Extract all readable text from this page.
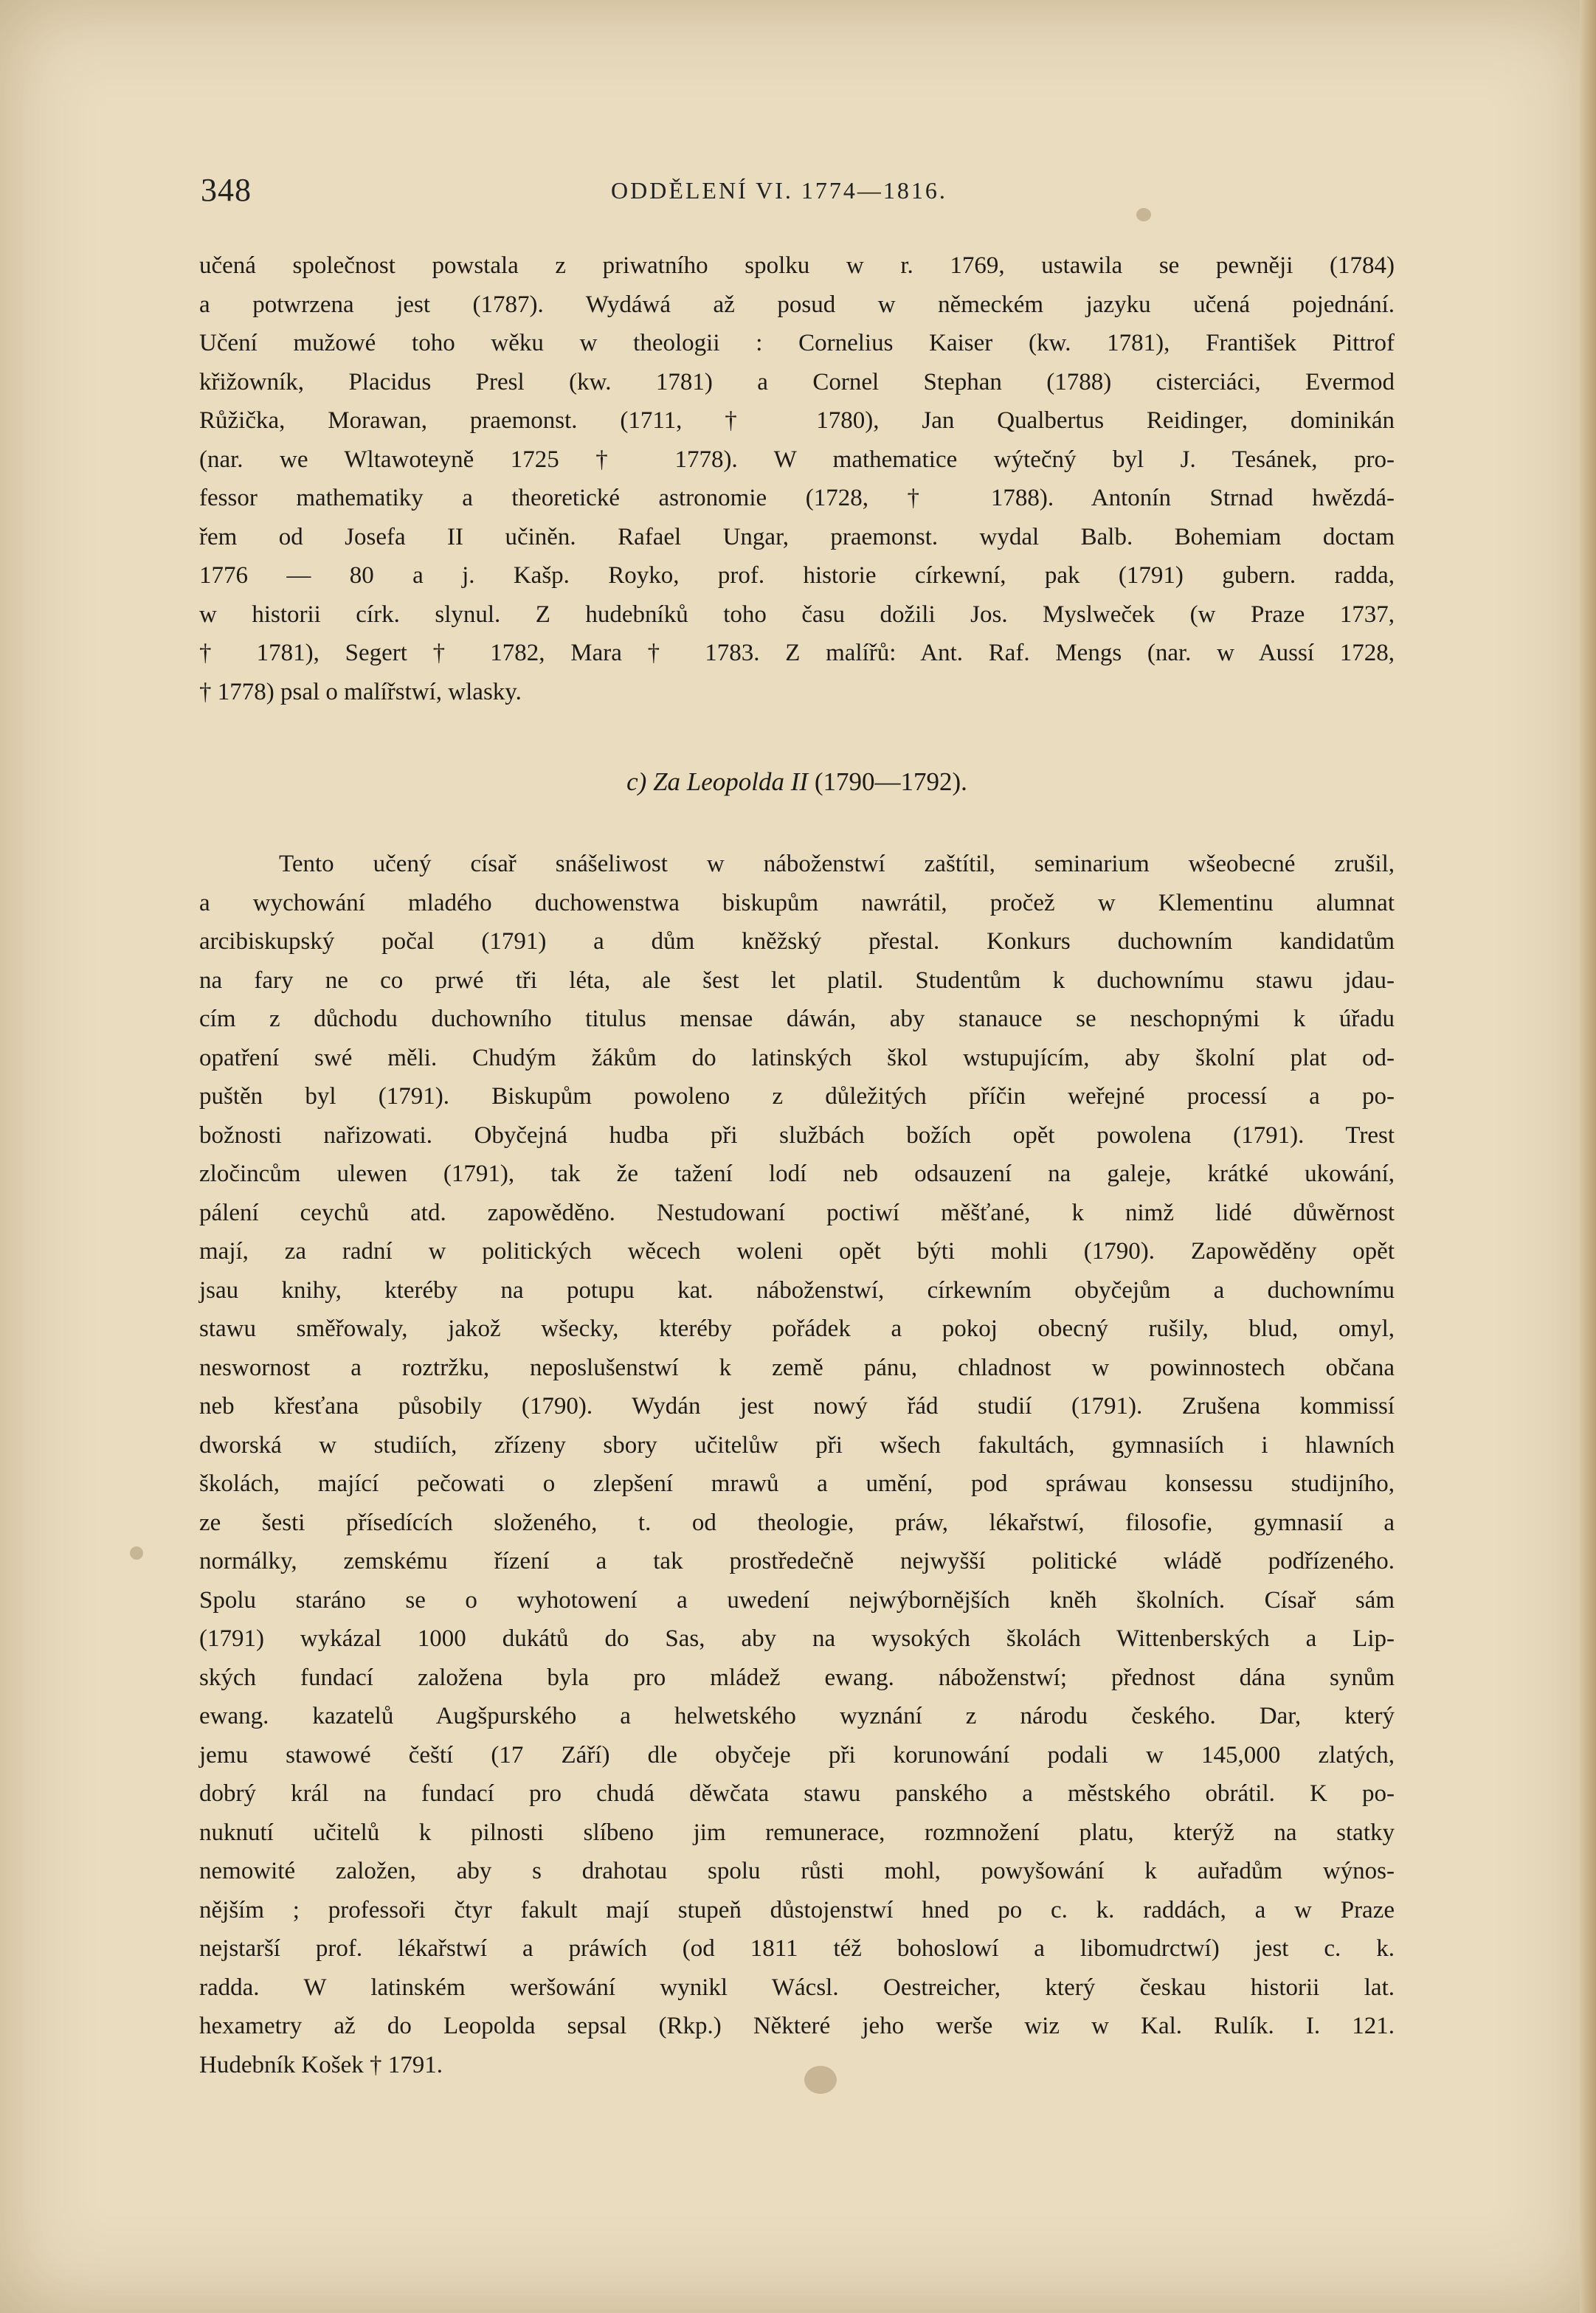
348	ODDĚLENÍ VI. 1774—1816.
učená společnost powstala z priwatního spolku w r. 1769, ustawila se pewněji (1784)
a potwrzena jest (1787). Wydáwá až posud w německém jazyku učená pojednání.
Učení mužowé toho wěku w theologii : Cornelius Kaiser (kw. 1781), František Pittrof
křižowník, Placidus Presl (kw. 1781) a Cornel Stephan (1788) cisterciáci, Evermod
Růžička, Morawan, praemonst. (1711, † 1780), Jan Qualbertus Reidinger, dominikán
(nar. we Wltawoteyně 1725 † 1778). W mathematice wýtečný byl J. Tesánek, pro-
fessor mathematiky a theoretické astronomie (1728, † 1788). Antonín Strnad hwězdá-
řem od Josefa II učiněn. Rafael Ungar, praemonst. wydal Balb. Bohemiam doctam
1776 — 80 a j. Kašp. Royko, prof. historie církewní, pak (1791) gubern. radda,
w historii círk. slynul. Z hudebníků toho času dožili Jos. Myslweček (w Praze 1737,
† 1781), Segert † 1782, Mara † 1783. Z malířů: Ant. Raf. Mengs (nar. w Aussí 1728,
† 1778) psal o malířstwí, wlasky.
c) Za Leopolda II (1790—1792).
Tento učený císař snášeliwost w náboženstwí zaštítil, seminarium wšeobecné zrušil,
a wychowání mladého duchowenstwa biskupům nawrátil, pročež w Klementinu alumnat
arcibiskupský počal (1791) a dům kněžský přestal. Konkurs duchowním kandidatům
na fary ne co prwé tři léta, ale šest let platil. Studentům k duchownímu stawu jdau-
cím z důchodu duchowního titulus mensae dáwán, aby stanauce se neschopnými k úřadu
opatření swé měli. Chudým žákům do latinských škol wstupujícím, aby školní plat od-
puštěn byl (1791). Biskupům powoleno z důležitých příčin weřejné processí a po-
božnosti nařizowati. Obyčejná hudba při službách božích opět powolena (1791). Trest
zločincům ulewen (1791), tak že tažení lodí neb odsauzení na galeje, krátké ukowání,
pálení ceychů atd. zapowěděno. Nestudowaní poctiwí měšťané, k nimž lidé důwěrnost
mají, za radní w politických wěcech woleni opět býti mohli (1790). Zapowěděny opět
jsau knihy, kteréby na potupu kat. náboženstwí, církewním obyčejům a duchownímu
stawu směřowaly, jakož wšecky, kteréby pořádek a pokoj obecný rušily, blud, omyl,
neswornost a roztržku, neposlušenstwí k země pánu, chladnost w powinnostech občana
neb křesťana působily (1790). Wydán jest nowý řád studií (1791). Zrušena kommissí
dworská w studiích, zřízeny sbory učitelůw při wšech fakultách, gymnasiích i hlawních
školách, mající pečowati o zlepšení mrawů a umění, pod spráwau konsessu studijního,
ze šesti přísedících složeného, t. od theologie, práw, lékařstwí, filosofie, gymnasií a
normálky, zemskému řízení a tak prostředečně nejwyšší politické wládě podřízeného.
Spolu staráno se o wyhotowení a uwedení nejwýbornějších kněh školních. Císař sám
(1791) wykázal 1000 dukátů do Sas, aby na wysokých školách Wittenberských a Lip-
ských fundací založena byla pro mládež ewang. náboženstwí; přednost dána synům
ewang. kazatelů Augšpurského a helwetského wyznání z národu českého. Dar, který
jemu stawowé čeští (17 Září) dle obyčeje při korunowání podali w 145,000 zlatých,
dobrý král na fundací pro chudá děwčata stawu panského a městského obrátil. K po-
nuknutí učitelů k pilnosti slíbeno jim remunerace, rozmnožení platu, kterýž na statky
nemowité založen, aby s drahotau spolu růsti mohl, powyšowání k auřadům wýnos-
nějším ; professoři čtyr fakult mají stupeň důstojenstwí hned po c. k. raddách, a w Praze
nejstarší prof. lékařstwí a práwích (od 1811 též bohoslowí a libomudrctwí) jest c. k.
radda. W latinském weršowání wynikl Wácsl. Oestreicher, který českau historii lat.
hexametry až do Leopolda sepsal (Rkp.) Některé jeho werše wiz w Kal. Rulík. I. 121.
Hudebník Košek † 1791.
